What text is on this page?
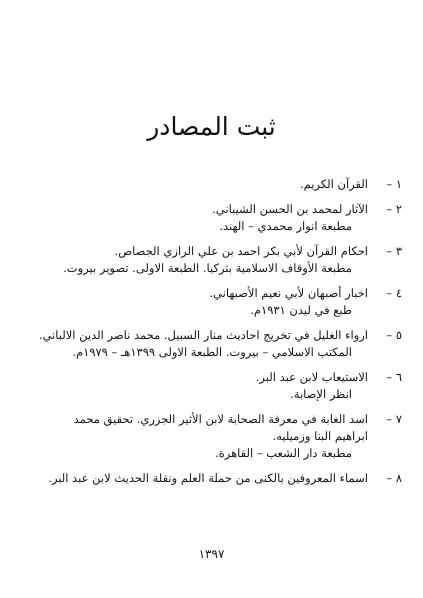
ثبت المصادر
١ –
القرآن الكريم.
٢ –
الآثار لمحمد بن الحسن الشيباني.
مطبعة انوار محمدي – الهند.
٣ –
احكام القرآن لأبي بكر احمد بن علي الرازي الجصاص.
مطبعة الأوقاف الاسلامية بتركيا. الطبعة الاولى. تصوير بيروت.
٤ –
اخبار أصبهان لأبي نعيم الأصبهاني.
طبع في ليدن ١٩٣١م.
٥ –
ارواء الغليل في تخريج احاديث منار السبيل. محمد ناصر الدين الالباني.
المكتب الاسلامي – بيروت. الطبعة الاولى ١٣٩٩هـ – ١٩٧٩م.
٦ –
الاستيعاب لابن عبد البر.
انظر الإصابة.
٧ –
اسد الغابة في معرفة الصحابة لابن الأثير الجزري. تحقيق محمد ابراهيم البنا وزميليه.
مطبعة دار الشعب – القاهرة.
٨ –
اسماء المعروفين بالكنى من حملة العلم ونقلة الحديث لابن عبد البر.
١٣٩٧
